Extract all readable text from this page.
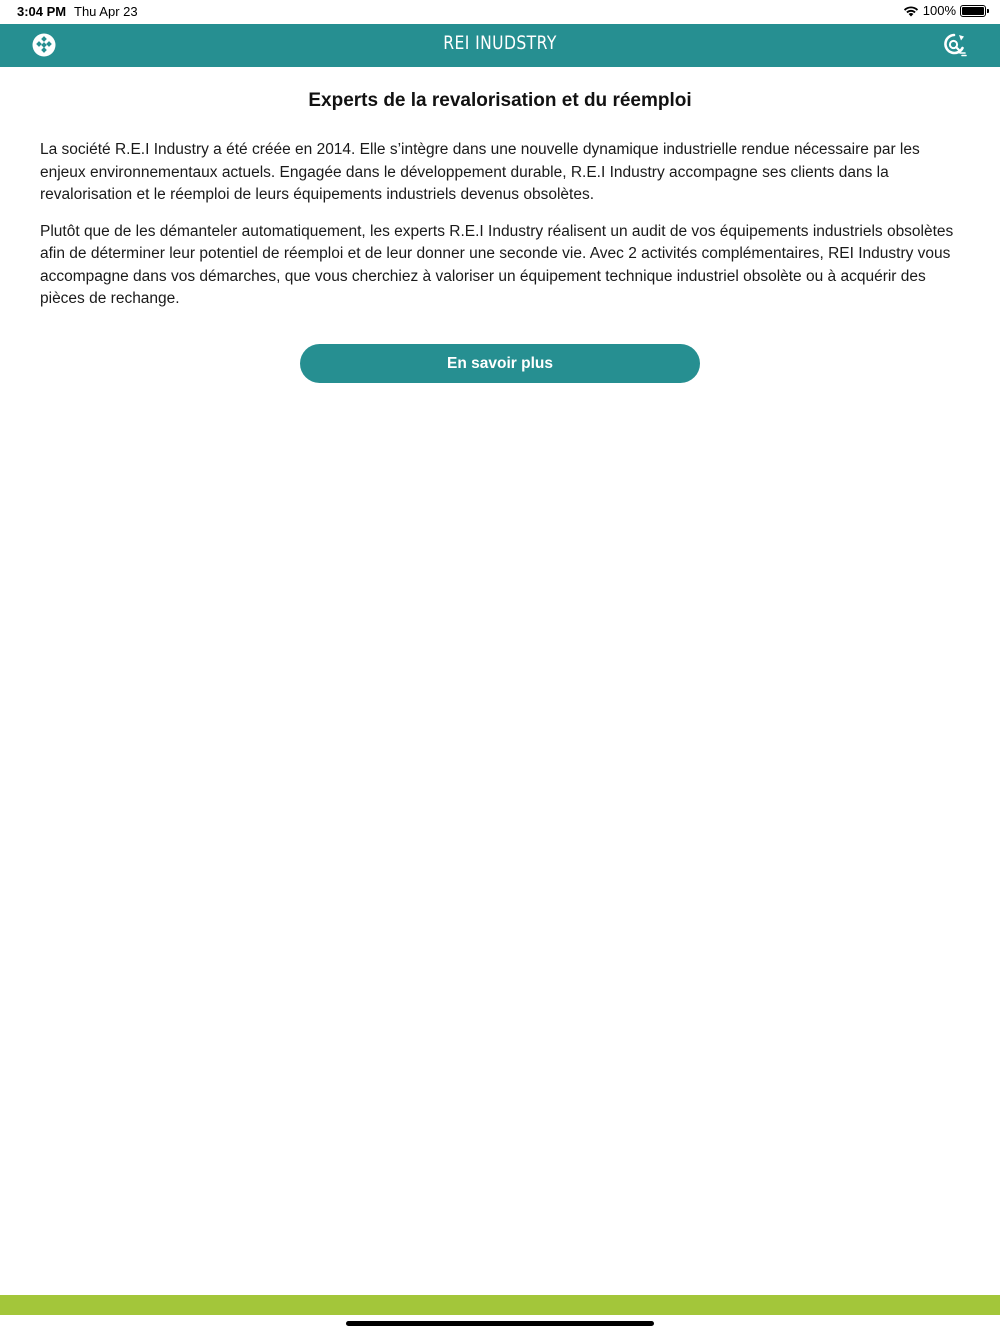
3:04 PM Thu Apr 23	100%
REI INUDSTRY
Experts de la revalorisation et du réemploi

La société R.E.I Industry a été créée en 2014. Elle s’intègre dans une nouvelle dynamique industrielle rendue nécessaire par les enjeux environnementaux actuels. Engagée dans le développement durable, R.E.I Industry accompagne ses clients dans la revalorisation et le réemploi de leurs équipements industriels devenus obsolètes.

Plutôt que de les démanteler automatiquement, les experts R.E.I Industry réalisent un audit de vos équipements industriels obsolètes afin de déterminer leur potentiel de réemploi et de leur donner une seconde vie. Avec 2 activités complémentaires, REI Industry vous accompagne dans vos démarches, que vous cherchiez à valoriser un équipement technique industriel obsolète ou à acquérir des pièces de rechange.

En savoir plus
